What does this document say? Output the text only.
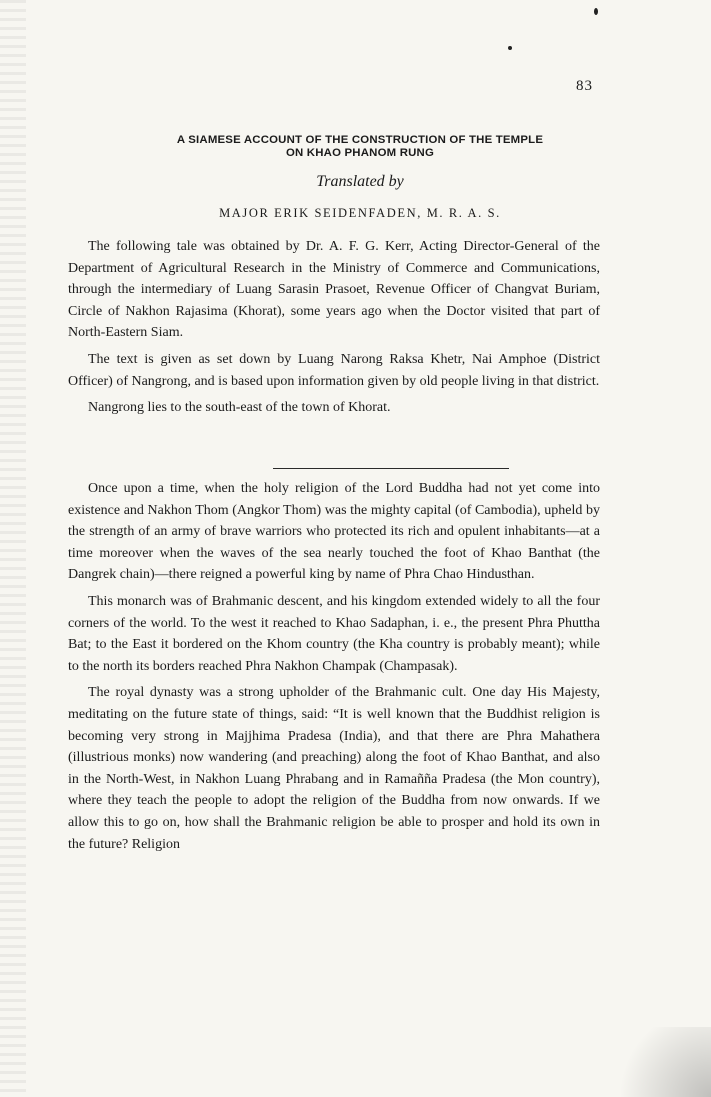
83
A SIAMESE ACCOUNT OF THE CONSTRUCTION OF THE TEMPLE
ON KHAO PHANOM RUNG
Translated by
MAJOR ERIK SEIDENFADEN, M. R. A. S.

The following tale was obtained by Dr. A. F. G. Kerr, Acting Director-General of the Department of Agricultural Research in the Ministry of Commerce and Communications, through the intermediary of Luang Sarasin Prasoet, Revenue Officer of Changvat Buriam, Circle of Nakhon Rajasima (Khorat), some years ago when the Doctor visited that part of North-Eastern Siam.

The text is given as set down by Luang Narong Raksa Khetr, Nai Amphoe (District Officer) of Nangrong, and is based upon information given by old people living in that district.

Nangrong lies to the south-east of the town of Khorat.

Once upon a time, when the holy religion of the Lord Buddha had not yet come into existence and Nakhon Thom (Angkor Thom) was the mighty capital (of Cambodia), upheld by the strength of an army of brave warriors who protected its rich and opulent inhabitants—at a time moreover when the waves of the sea nearly touched the foot of Khao Banthat (the Dangrek chain)—there reigned a powerful king by name of Phra Chao Hindusthan.

This monarch was of Brahmanic descent, and his kingdom extended widely to all the four corners of the world. To the west it reached to Khao Sadaphan, i. e., the present Phra Phuttha Bat; to the East it bordered on the Khom country (the Kha country is probably meant); while to the north its borders reached Phra Nakhon Champak (Champasak).

The royal dynasty was a strong upholder of the Brahmanic cult. One day His Majesty, meditating on the future state of things, said: “It is well known that the Buddhist religion is becoming very strong in Majjhima Pradesa (India), and that there are Phra Mahathera (illustrious monks) now wandering (and preaching) along the foot of Khao Banthat, and also in the North-West, in Nakhon Luang Phrabang and in Ramañña Pradesa (the Mon country), where they teach the people to adopt the religion of the Buddha from now onwards. If we allow this to go on, how shall the Brahmanic religion be able to prosper and hold its own in the future? Religion
